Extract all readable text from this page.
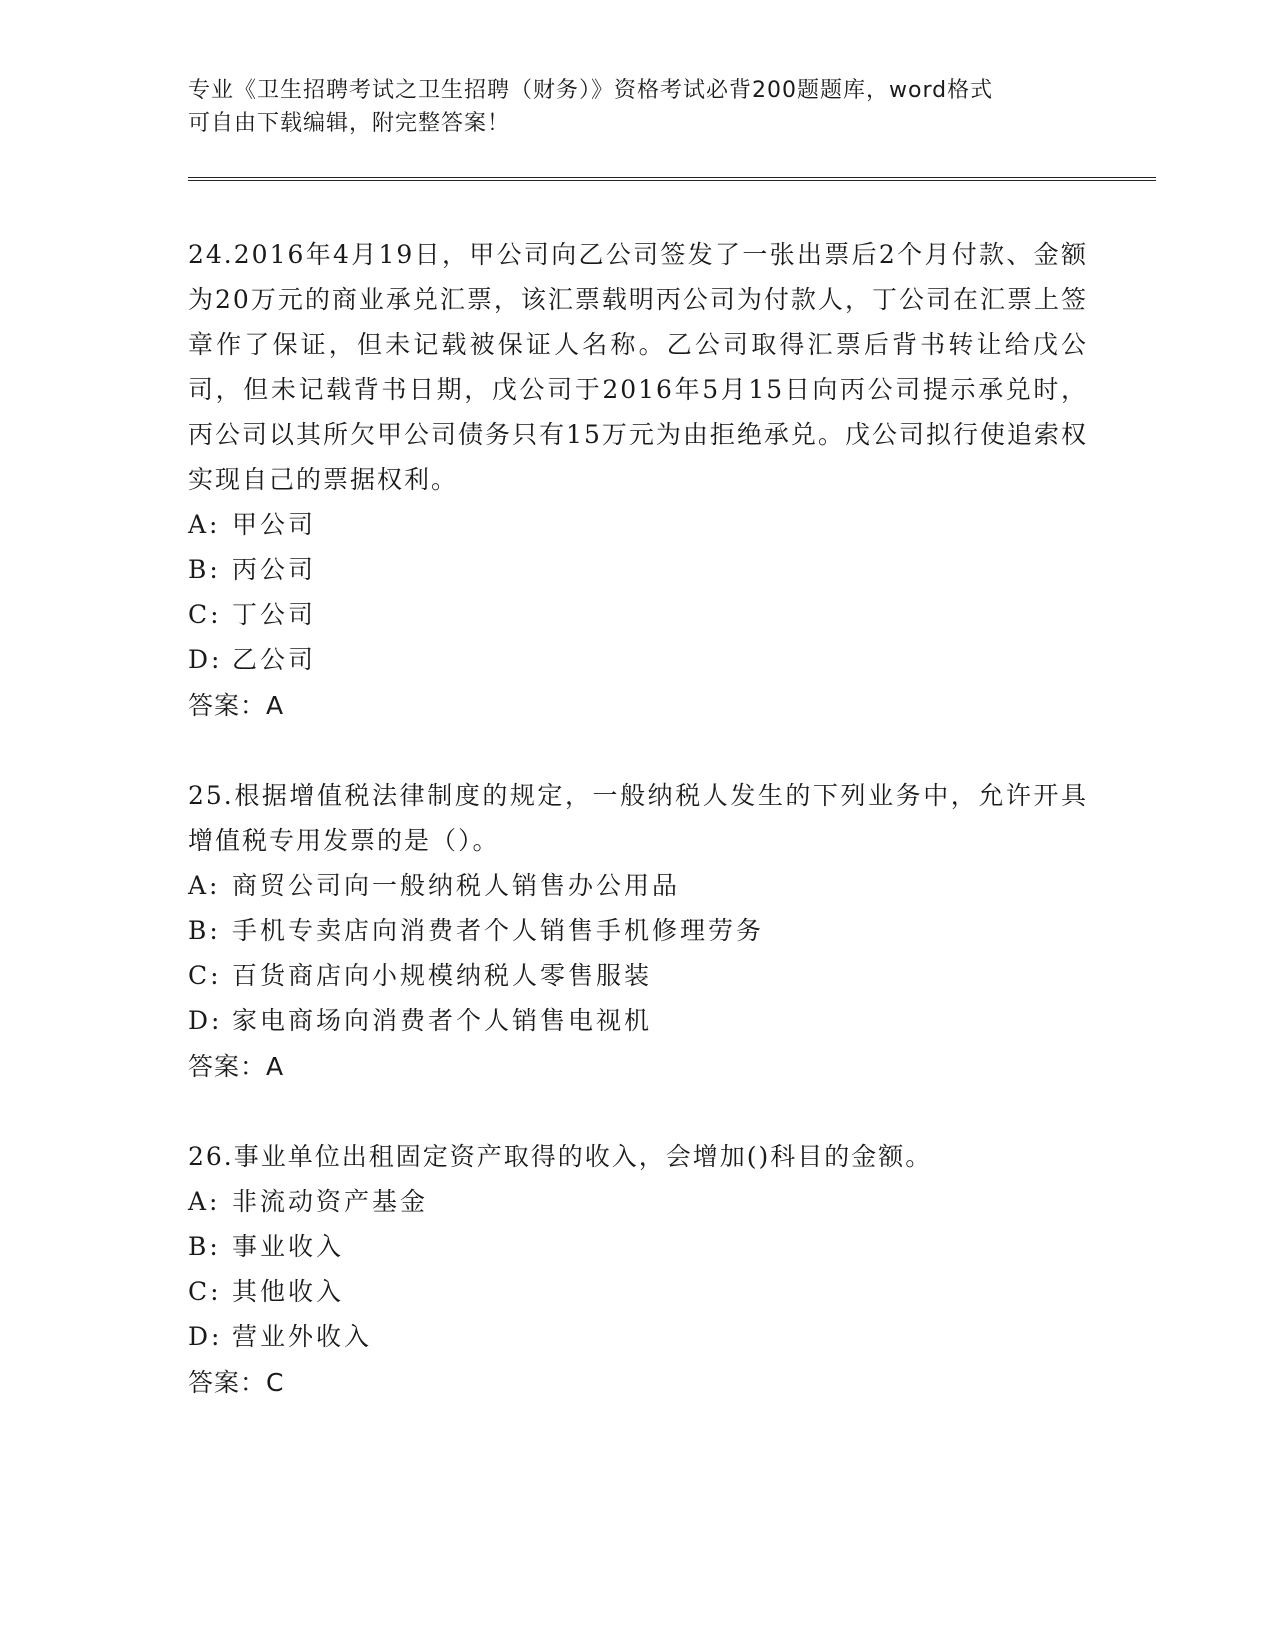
专业《卫生招聘考试之卫生招聘（财务）》资格考试必背200题题库，word格式
可自由下载编辑，附完整答案！
24.2016年4月19日，甲公司向乙公司签发了一张出票后2个月付款、金额为20万元的商业承兑汇票，该汇票载明丙公司为付款人，丁公司在汇票上签章作了保证，但未记载被保证人名称。乙公司取得汇票后背书转让给戊公司，但未记载背书日期，戊公司于2016年5月15日向丙公司提示承兑时，丙公司以其所欠甲公司债务只有15万元为由拒绝承兑。戊公司拟行使追索权实现自己的票据权利。
A: 甲公司
B: 丙公司
C: 丁公司
D: 乙公司
答案：A
25.根据增值税法律制度的规定，一般纳税人发生的下列业务中，允许开具增值税专用发票的是（）。
A: 商贸公司向一般纳税人销售办公用品
B: 手机专卖店向消费者个人销售手机修理劳务
C: 百货商店向小规模纳税人零售服装
D: 家电商场向消费者个人销售电视机
答案：A
26.事业单位出租固定资产取得的收入，会增加()科目的金额。
A: 非流动资产基金
B: 事业收入
C: 其他收入
D: 营业外收入
答案：C
